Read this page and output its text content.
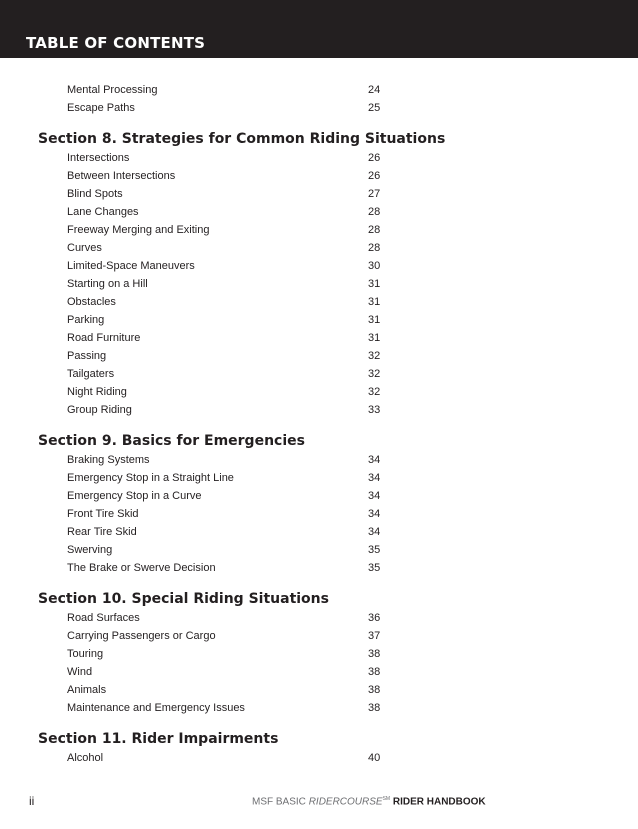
TABLE OF CONTENTS
Mental Processing	24
Escape Paths	25
Section 8. Strategies for Common Riding Situations
Intersections	26
Between Intersections	26
Blind Spots	27
Lane Changes	28
Freeway Merging and Exiting	28
Curves	28
Limited-Space Maneuvers	30
Starting on a Hill	31
Obstacles	31
Parking	31
Road Furniture	31
Passing	32
Tailgaters	32
Night Riding	32
Group Riding	33
Section 9. Basics for Emergencies
Braking Systems	34
Emergency Stop in a Straight Line	34
Emergency Stop in a Curve	34
Front Tire Skid	34
Rear Tire Skid	34
Swerving	35
The Brake or Swerve Decision	35
Section 10. Special Riding Situations
Road Surfaces	36
Carrying Passengers or Cargo	37
Touring	38
Wind	38
Animals	38
Maintenance and Emergency Issues	38
Section 11. Rider Impairments
Alcohol	40
ii	MSF BASIC RIDERCOURSE℠ RIDER HANDBOOK
